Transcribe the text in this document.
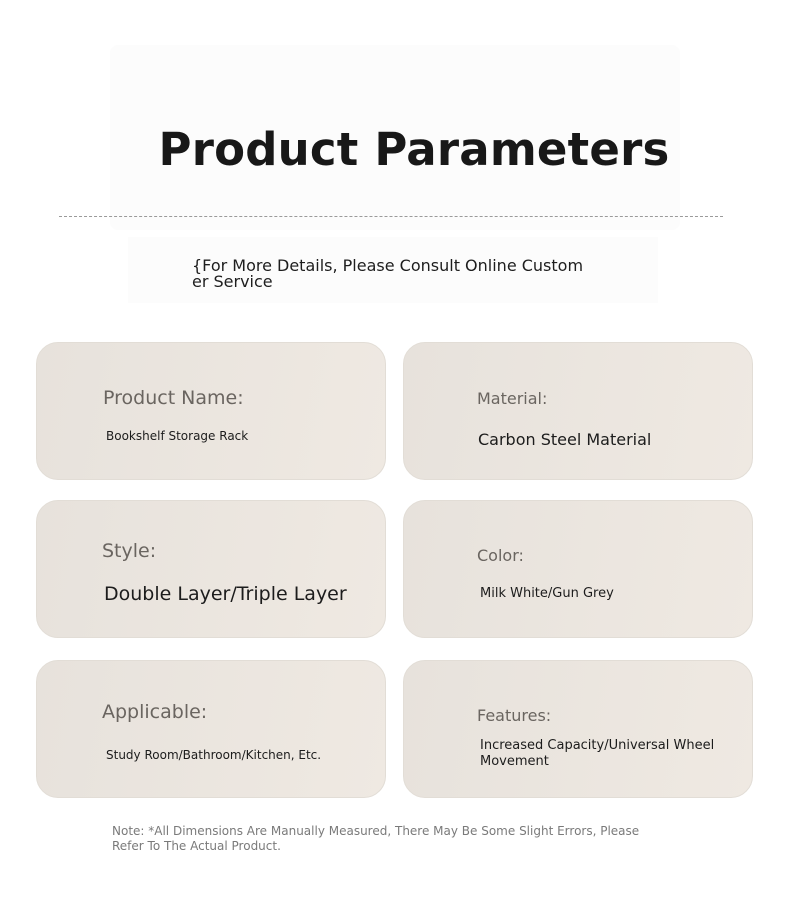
Product Parameters
{For More Details, Please Consult Online Customer Service
Product Name:
Bookshelf Storage Rack
Material:
Carbon Steel Material
Style:
Double Layer/Triple Layer
Color:
Milk White/Gun Grey
Applicable:
Study Room/Bathroom/Kitchen, Etc.
Features:
Increased Capacity/Universal Wheel Movement
Note: *All Dimensions Are Manually Measured, There May Be Some Slight Errors, Please Refer To The Actual Product.
